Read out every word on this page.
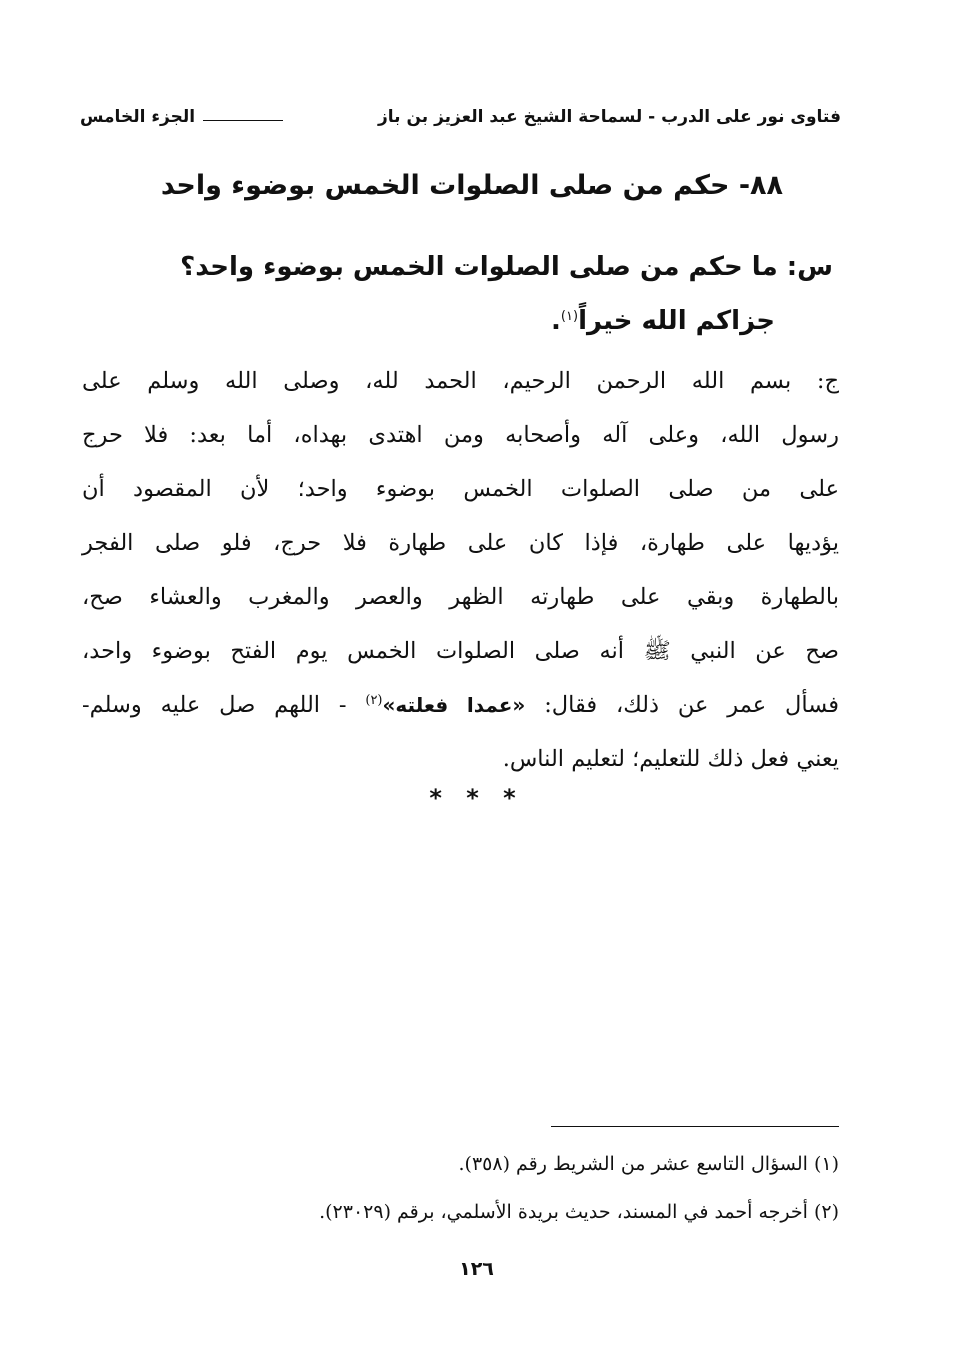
فتاوى نور على الدرب - لسماحة الشيخ عبد العزيز بن باز
الجزء الخامس
٨٨- حكم من صلى الصلوات الخمس بوضوء واحد
س: ما حكم من صلى الصلوات الخمس بوضوء واحد؟
جزاكم الله خيراً$^{(١)}$.
ج: بسم الله الرحمن الرحيم، الحمد لله، وصلى الله وسلم على
رسول الله، وعلى آله وأصحابه ومن اهتدى بهداه، أما بعد: فلا حرج
على من صلى الصلوات الخمس بوضوء واحد؛ لأن المقصود أن
يؤديها على طهارة، فإذا كان على طهارة فلا حرج، فلو صلى الفجر
بالطهارة وبقي على طهارته الظهر والعصر والمغرب والعشاء صح،
صح عن النبي ﷺ أنه صلى الصلوات الخمس يوم الفتح بوضوء واحد،
فسأل عمر عن ذلك، فقال: «عمدا فعلته»$^{(٢)}$ - اللهم صل عليه وسلم-
يعني فعل ذلك للتعليم؛ لتعليم الناس.
* * *
(١) السؤال التاسع عشر من الشريط رقم (٣٥٨).
(٢) أخرجه أحمد في المسند، حديث بريدة الأسلمي، برقم (٢٣٠٢٩).
١٢٦
